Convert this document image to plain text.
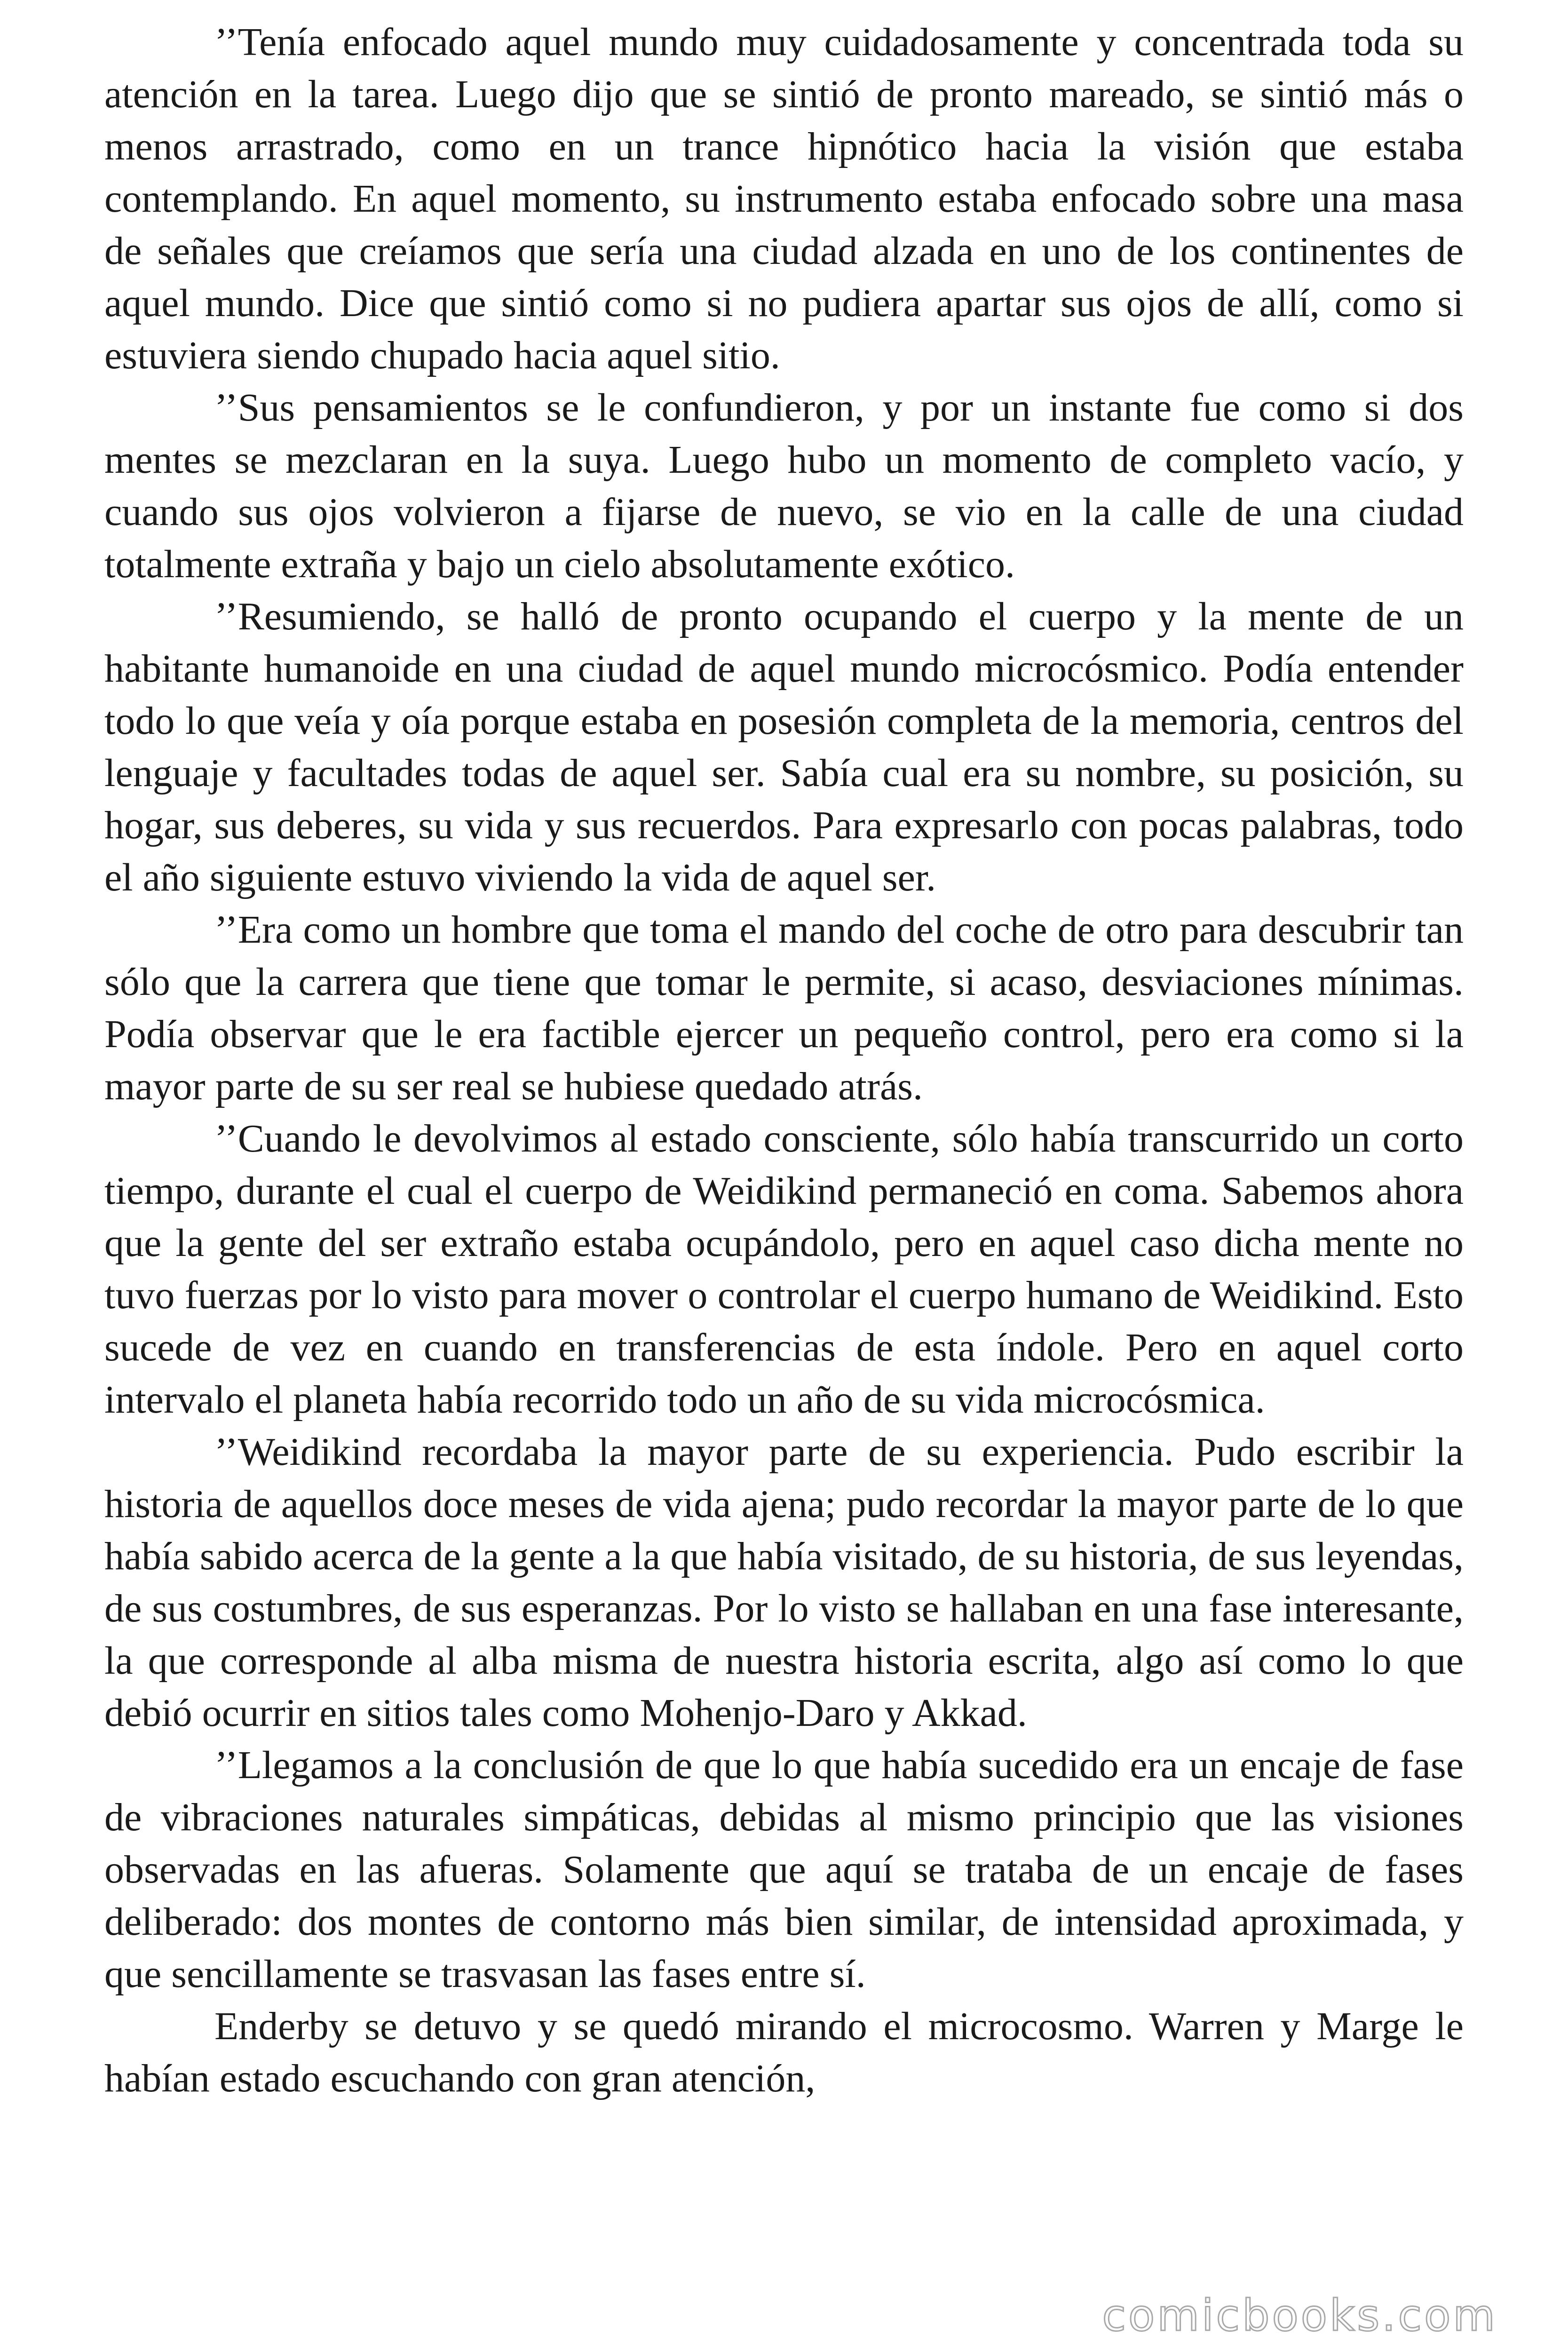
’’Tenía enfocado aquel mundo muy cuidadosamente y concentrada toda su atención en la tarea. Luego dijo que se sintió de pronto mareado, se sintió más o menos arrastrado, como en un trance hipnótico hacia la visión que estaba contemplando. En aquel momento, su instrumento estaba enfocado sobre una masa de señales que creíamos que sería una ciudad alzada en uno de los continentes de aquel mundo. Dice que sintió como si no pudiera apartar sus ojos de allí, como si estuviera siendo chupado hacia aquel sitio.

’’Sus pensamientos se le confundieron, y por un instante fue como si dos mentes se mezclaran en la suya. Luego hubo un momento de completo vacío, y cuando sus ojos volvieron a fijarse de nuevo, se vio en la calle de una ciudad totalmente extraña y bajo un cielo absolutamente exótico.

’’Resumiendo, se halló de pronto ocupando el cuerpo y la mente de un habitante humanoide en una ciudad de aquel mundo microcósmico. Podía entender todo lo que veía y oía porque estaba en posesión completa de la memoria, centros del lenguaje y facultades todas de aquel ser. Sabía cual era su nombre, su posición, su hogar, sus deberes, su vida y sus recuerdos. Para expresarlo con pocas palabras, todo el año siguiente estuvo viviendo la vida de aquel ser.

’’Era como un hombre que toma el mando del coche de otro para descubrir tan sólo que la carrera que tiene que tomar le permite, si acaso, desviaciones mínimas. Podía observar que le era factible ejercer un pequeño control, pero era como si la mayor parte de su ser real se hubiese quedado atrás.

’’Cuando le devolvimos al estado consciente, sólo había transcurrido un corto tiempo, durante el cual el cuerpo de Weidikind permaneció en coma. Sabemos ahora que la gente del ser extraño estaba ocupándolo, pero en aquel caso dicha mente no tuvo fuerzas por lo visto para mover o controlar el cuerpo humano de Weidikind. Esto sucede de vez en cuando en transferencias de esta índole. Pero en aquel corto intervalo el planeta había recorrido todo un año de su vida microcósmica.

’’Weidikind recordaba la mayor parte de su experiencia. Pudo escribir la historia de aquellos doce meses de vida ajena; pudo recordar la mayor parte de lo que había sabido acerca de la gente a la que había visitado, de su historia, de sus leyendas, de sus costumbres, de sus esperanzas. Por lo visto se hallaban en una fase interesante, la que corresponde al alba misma de nuestra historia escrita, algo así como lo que debió ocurrir en sitios tales como Mohenjo-Daro y Akkad.

’’Llegamos a la conclusión de que lo que había sucedido era un encaje de fase de vibraciones naturales simpáticas, debidas al mismo principio que las visiones observadas en las afueras. Solamente que aquí se trataba de un encaje de fases deliberado: dos montes de contorno más bien similar, de intensidad aproximada, y que sencillamente se trasvasan las fases entre sí.

Enderby se detuvo y se quedó mirando el microcosmo. Warren y Marge le habían estado escuchando con gran atención,

comicbooks.com
